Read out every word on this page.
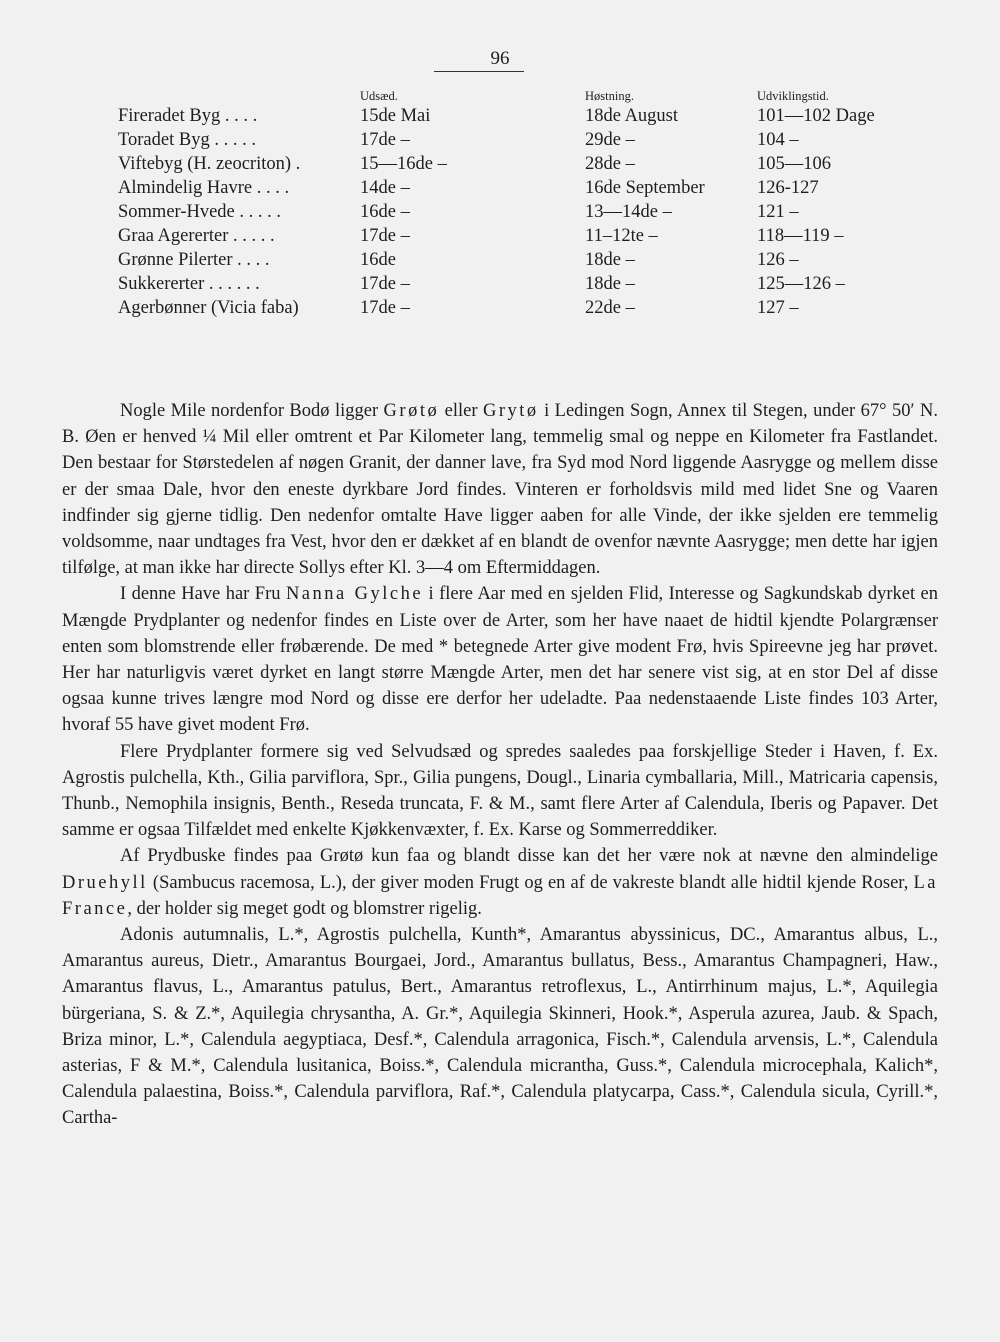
96
	Udsæd.	Høstning.	Udviklingstid.
Fireradet Byg . . . .	15de Mai	18de August	101—102 Dage
Toradet Byg . . . . .	17de –	29de –	104 –
Viftebyg (H. zeocriton) .	15—16de –	28de –	105—106
Almindelig Havre . . . .	14de –	16de September	126-127
Sommer-Hvede . . . . .	16de –	13—14de –	121 –
Graa Agererter . . . . .	17de –	11–12te –	118—119 –
Grønne Pilerter . . . .	16de	18de –	126 –
Sukkererter . . . . . .	17de –	18de –	125—126 –
Agerbønner (Vicia faba)	17de –	22de –	127 –

Nogle Mile nordenfor Bodø ligger Grøtø eller Grytø i Ledingen Sogn, Annex til Stegen, under 67° 50′ N. B. Øen er henved ¼ Mil eller omtrent et Par Kilometer lang, temmelig smal og neppe en Kilometer fra Fastlandet. Den bestaar for Størstedelen af nøgen Granit, der danner lave, fra Syd mod Nord liggende Aasrygge og mellem disse er der smaa Dale, hvor den eneste dyrkbare Jord findes. Vinteren er forholdsvis mild med lidet Sne og Vaaren indfinder sig gjerne tidlig. Den nedenfor omtalte Have ligger aaben for alle Vinde, der ikke sjelden ere temmelig voldsomme, naar undtages fra Vest, hvor den er dækket af en blandt de ovenfor nævnte Aasrygge; men dette har igjen tilfølge, at man ikke har directe Sollys efter Kl. 3—4 om Eftermiddagen.

I denne Have har Fru Nanna Gylche i flere Aar med en sjelden Flid, Interesse og Sagkundskab dyrket en Mængde Prydplanter og nedenfor findes en Liste over de Arter, som her have naaet de hidtil kjendte Polargrænser enten som blomstrende eller frøbærende. De med * betegnede Arter give modent Frø, hvis Spireevne jeg har prøvet. Her har naturligvis været dyrket en langt større Mængde Arter, men det har senere vist sig, at en stor Del af disse ogsaa kunne trives længre mod Nord og disse ere derfor her udeladte. Paa nedenstaaende Liste findes 103 Arter, hvoraf 55 have givet modent Frø.

Flere Prydplanter formere sig ved Selvudsæd og spredes saaledes paa forskjellige Steder i Haven, f. Ex. Agrostis pulchella, Kth., Gilia parviflora, Spr., Gilia pungens, Dougl., Linaria cymballaria, Mill., Matricaria capensis, Thunb., Nemophila insignis, Benth., Reseda truncata, F. & M., samt flere Arter af Calendula, Iberis og Papaver. Det samme er ogsaa Tilfældet med enkelte Kjøkkenvæxter, f. Ex. Karse og Sommerreddiker.

Af Prydbuske findes paa Grøtø kun faa og blandt disse kan det her være nok at nævne den almindelige Druehyll (Sambucus racemosa, L.), der giver moden Frugt og en af de vakreste blandt alle hidtil kjende Roser, La France, der holder sig meget godt og blomstrer rigelig.

Adonis autumnalis, L.*, Agrostis pulchella, Kunth*, Amarantus abyssinicus, DC., Amarantus albus, L., Amarantus aureus, Dietr., Amarantus Bourgaei, Jord., Amarantus bullatus, Bess., Amarantus Champagneri, Haw., Amarantus flavus, L., Amarantus patulus, Bert., Amarantus retroflexus, L., Antirrhinum majus, L.*, Aquilegia bürgeriana, S. & Z.*, Aquilegia chrysantha, A. Gr.*, Aquilegia Skinneri, Hook.*, Asperula azurea, Jaub. & Spach, Briza minor, L.*, Calendula aegyptiaca, Desf.*, Calendula arragonica, Fisch.*, Calendula arvensis, L.*, Calendula asterias, F & M.*, Calendula lusitanica, Boiss.*, Calendula micrantha, Guss.*, Calendula microcephala, Kalich*, Calendula palaestina, Boiss.*, Calendula parviflora, Raf.*, Calendula platycarpa, Cass.*, Calendula sicula, Cyrill.*, Cartha-
